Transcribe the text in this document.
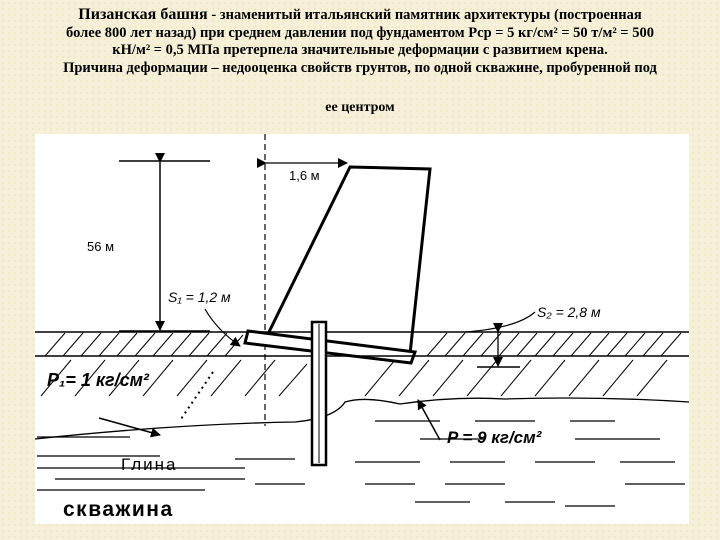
Пизанская башня - знаменитый итальянский памятник архитектуры (построенная
более 800 лет назад) при среднем давлении под фундаментом Рср = 5 кг/см² = 50 т/м² = 500
кН/м² = 0,5 МПа претерпела значительные деформации с развитием крена.
Причина деформации – недооценка свойств грунтов, по одной скважине, пробуренной под
ее центром
56 м
1,6 м
S₁ = 1,2 м
S₂ = 2,8 м
P₁= 1 кг/см²
P = 9 кг/см²
Глина
скважина
